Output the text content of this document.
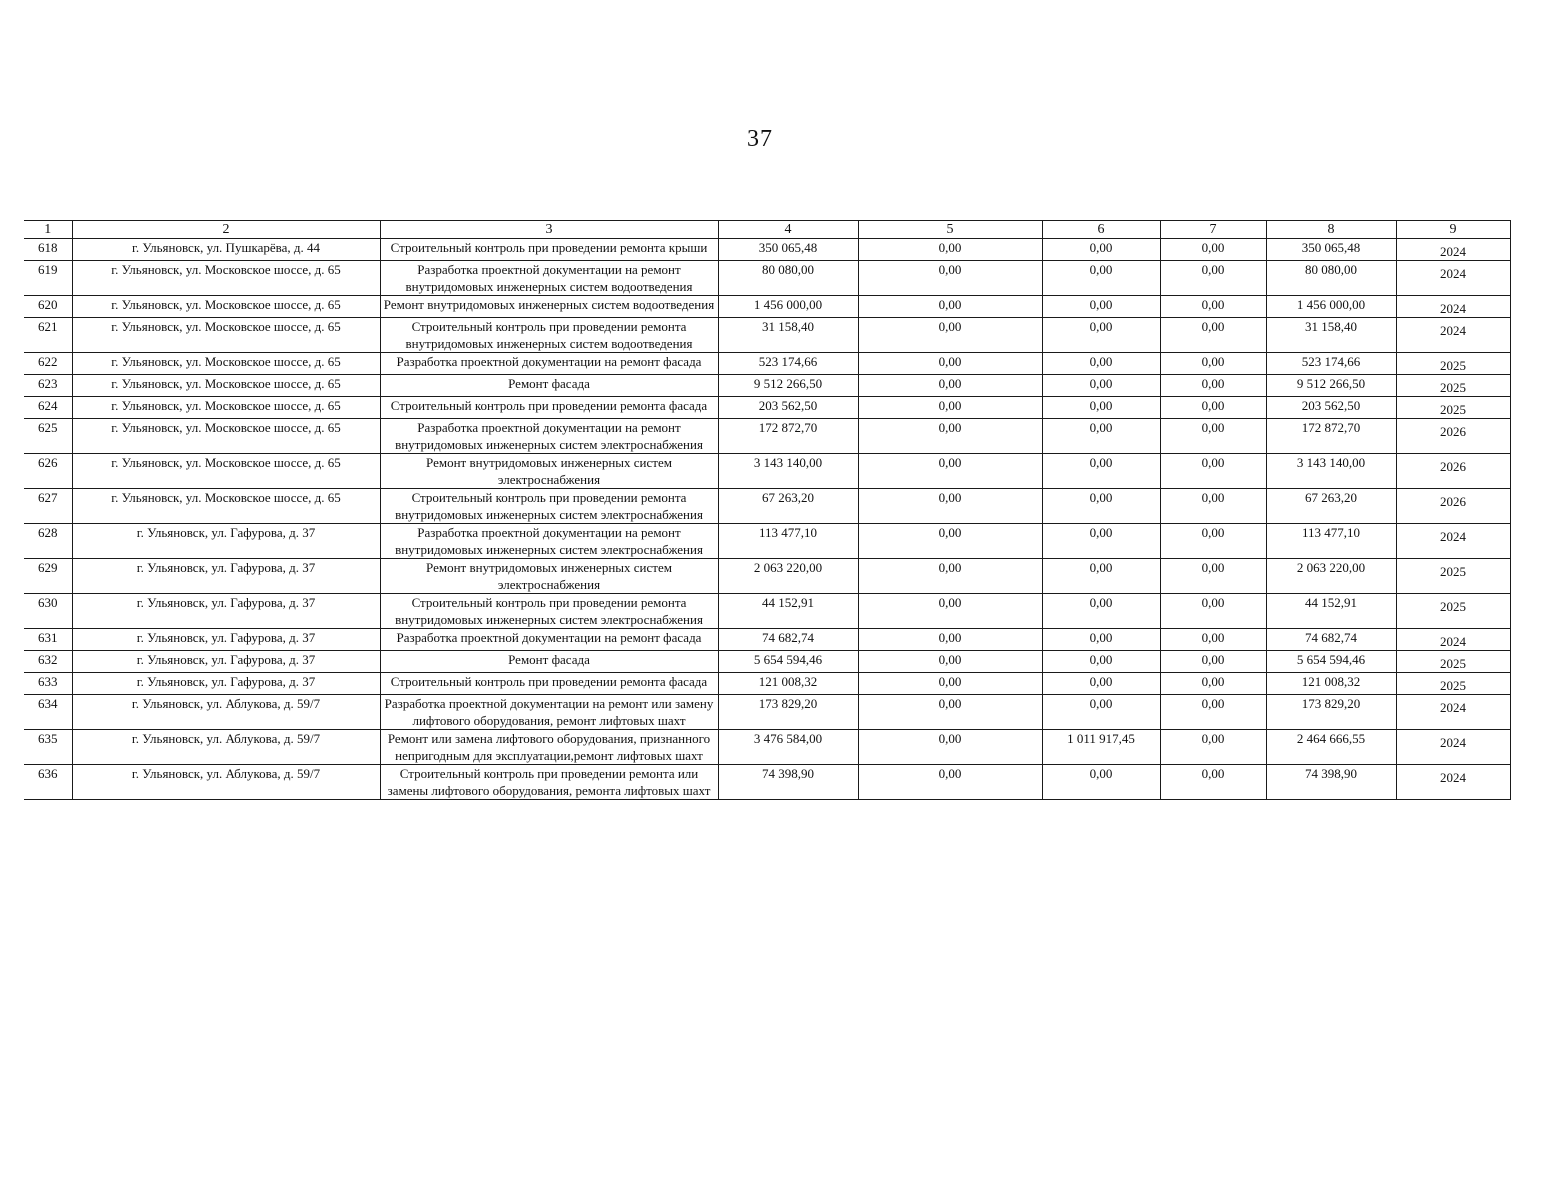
37
1	2	3	4	5	6	7	8	9
618	г. Ульяновск, ул. Пушкарёва, д. 44	Строительный контроль при проведении ремонта крыши	350 065,48	0,00	0,00	0,00	350 065,48	2024
619	г. Ульяновск, ул. Московское шоссе, д. 65	Разработка проектной документации на ремонт внутридомовых инженерных систем водоотведения	80 080,00	0,00	0,00	0,00	80 080,00	2024
620	г. Ульяновск, ул. Московское шоссе, д. 65	Ремонт внутридомовых инженерных систем водоотведения	1 456 000,00	0,00	0,00	0,00	1 456 000,00	2024
621	г. Ульяновск, ул. Московское шоссе, д. 65	Строительный контроль при проведении ремонта внутридомовых инженерных систем водоотведения	31 158,40	0,00	0,00	0,00	31 158,40	2024
622	г. Ульяновск, ул. Московское шоссе, д. 65	Разработка проектной документации на ремонт фасада	523 174,66	0,00	0,00	0,00	523 174,66	2025
623	г. Ульяновск, ул. Московское шоссе, д. 65	Ремонт фасада	9 512 266,50	0,00	0,00	0,00	9 512 266,50	2025
624	г. Ульяновск, ул. Московское шоссе, д. 65	Строительный контроль при проведении ремонта фасада	203 562,50	0,00	0,00	0,00	203 562,50	2025
625	г. Ульяновск, ул. Московское шоссе, д. 65	Разработка проектной документации на ремонт внутридомовых инженерных систем электроснабжения	172 872,70	0,00	0,00	0,00	172 872,70	2026
626	г. Ульяновск, ул. Московское шоссе, д. 65	Ремонт внутридомовых инженерных систем электроснабжения	3 143 140,00	0,00	0,00	0,00	3 143 140,00	2026
627	г. Ульяновск, ул. Московское шоссе, д. 65	Строительный контроль при проведении ремонта внутридомовых инженерных систем электроснабжения	67 263,20	0,00	0,00	0,00	67 263,20	2026
628	г. Ульяновск, ул. Гафурова, д. 37	Разработка проектной документации на ремонт внутридомовых инженерных систем электроснабжения	113 477,10	0,00	0,00	0,00	113 477,10	2024
629	г. Ульяновск, ул. Гафурова, д. 37	Ремонт внутридомовых инженерных систем электроснабжения	2 063 220,00	0,00	0,00	0,00	2 063 220,00	2025
630	г. Ульяновск, ул. Гафурова, д. 37	Строительный контроль при проведении ремонта внутридомовых инженерных систем электроснабжения	44 152,91	0,00	0,00	0,00	44 152,91	2025
631	г. Ульяновск, ул. Гафурова, д. 37	Разработка проектной документации на ремонт фасада	74 682,74	0,00	0,00	0,00	74 682,74	2024
632	г. Ульяновск, ул. Гафурова, д. 37	Ремонт фасада	5 654 594,46	0,00	0,00	0,00	5 654 594,46	2025
633	г. Ульяновск, ул. Гафурова, д. 37	Строительный контроль при проведении ремонта фасада	121 008,32	0,00	0,00	0,00	121 008,32	2025
634	г. Ульяновск, ул. Аблукова, д. 59/7	Разработка проектной документации на ремонт или замену лифтового оборудования, ремонт лифтовых шахт	173 829,20	0,00	0,00	0,00	173 829,20	2024
635	г. Ульяновск, ул. Аблукова, д. 59/7	Ремонт или замена лифтового оборудования, признанного непригодным для эксплуатации,ремонт лифтовых шахт	3 476 584,00	0,00	1 011 917,45	0,00	2 464 666,55	2024
636	г. Ульяновск, ул. Аблукова, д. 59/7	Строительный контроль при проведении ремонта или замены лифтового оборудования, ремонта лифтовых шахт	74 398,90	0,00	0,00	0,00	74 398,90	2024
